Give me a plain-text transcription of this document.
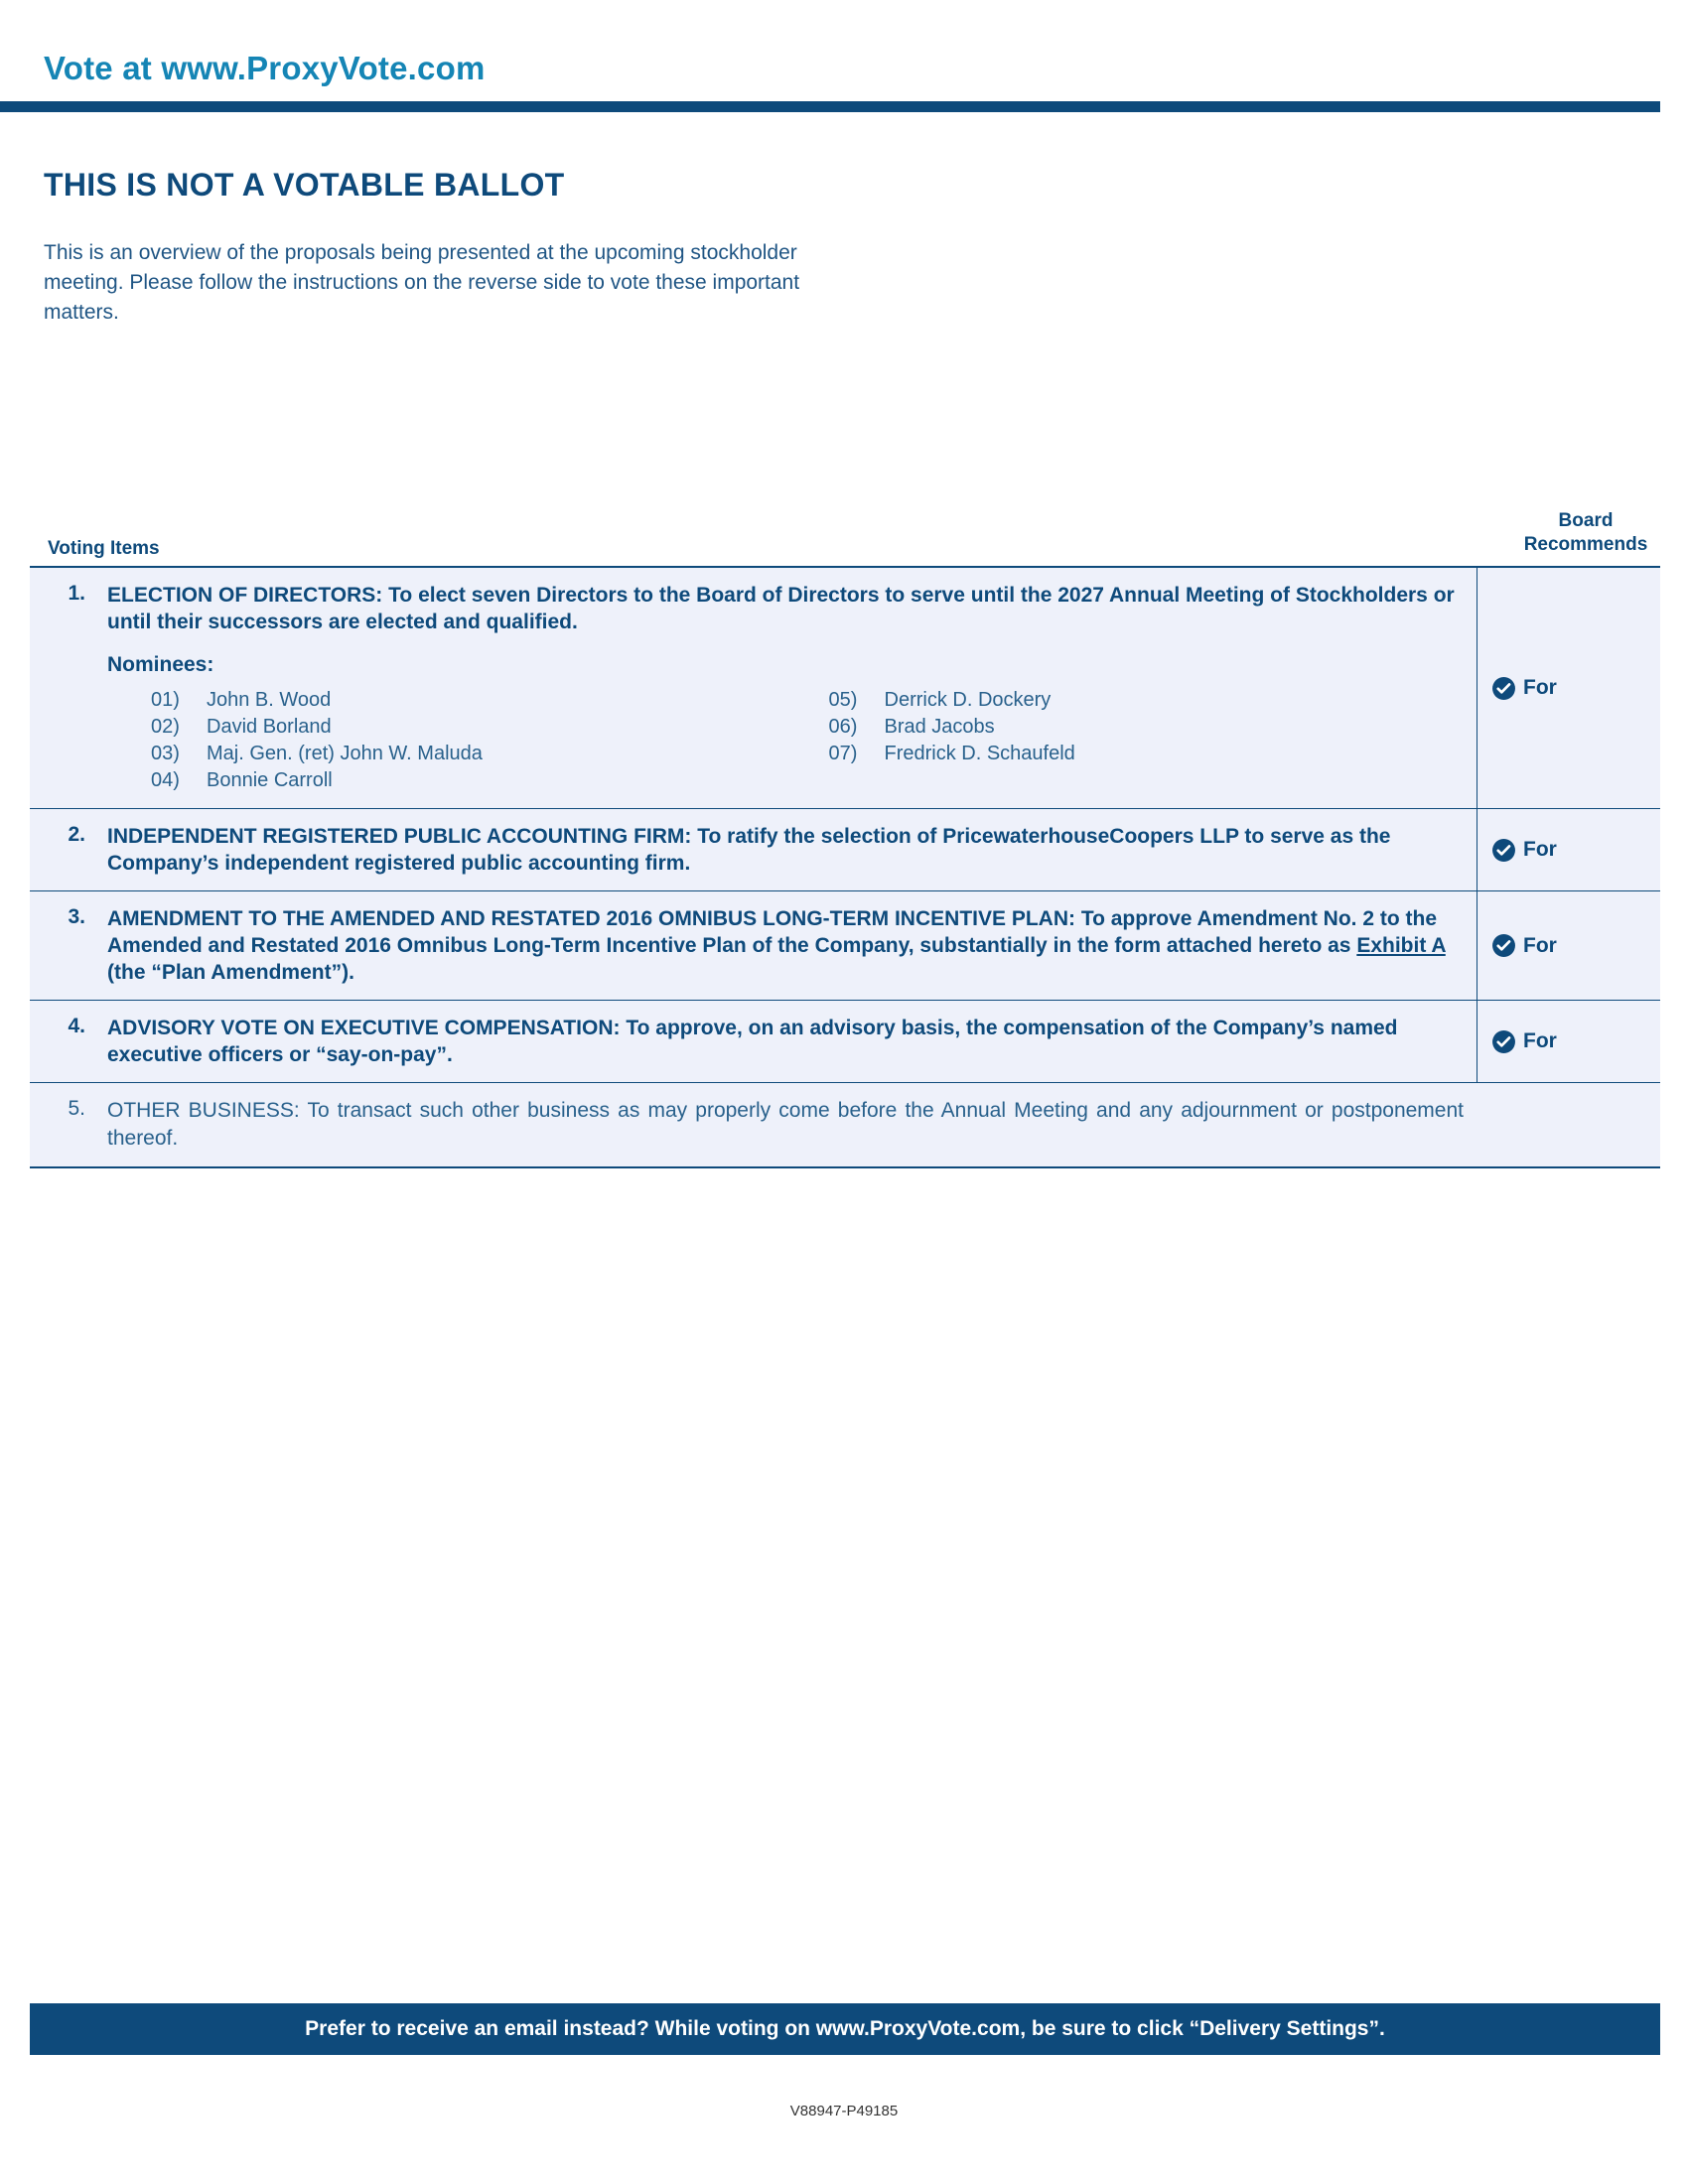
Vote at www.ProxyVote.com
THIS IS NOT A VOTABLE BALLOT
This is an overview of the proposals being presented at the upcoming stockholder meeting. Please follow the instructions on the reverse side to vote these important matters.
Board
Recommends
Voting Items
1.	ELECTION OF DIRECTORS: To elect seven Directors to the Board of Directors to serve until the 2027 Annual Meeting of Stockholders or until their successors are elected and qualified.
Nominees:
01)	John B. Wood
02)	David Borland
03)	Maj. Gen. (ret) John W. Maluda
04)	Bonnie Carroll
05)	Derrick D. Dockery
06)	Brad Jacobs
07)	Fredrick D. Schaufeld
For
2.	INDEPENDENT REGISTERED PUBLIC ACCOUNTING FIRM: To ratify the selection of PricewaterhouseCoopers LLP to serve as the Company’s independent registered public accounting firm.
For
3.	AMENDMENT TO THE AMENDED AND RESTATED 2016 OMNIBUS LONG-TERM INCENTIVE PLAN: To approve Amendment No. 2 to the Amended and Restated 2016 Omnibus Long-Term Incentive Plan of the Company, substantially in the form attached hereto as Exhibit A (the “Plan Amendment”).
For
4.	ADVISORY VOTE ON EXECUTIVE COMPENSATION: To approve, on an advisory basis, the compensation of the Company’s named executive officers or “say-on-pay”.
For
5.	OTHER BUSINESS: To transact such other business as may properly come before the Annual Meeting and any adjournment or postponement thereof.
Prefer to receive an email instead? While voting on www.ProxyVote.com, be sure to click “Delivery Settings”.
V88947-P49185
